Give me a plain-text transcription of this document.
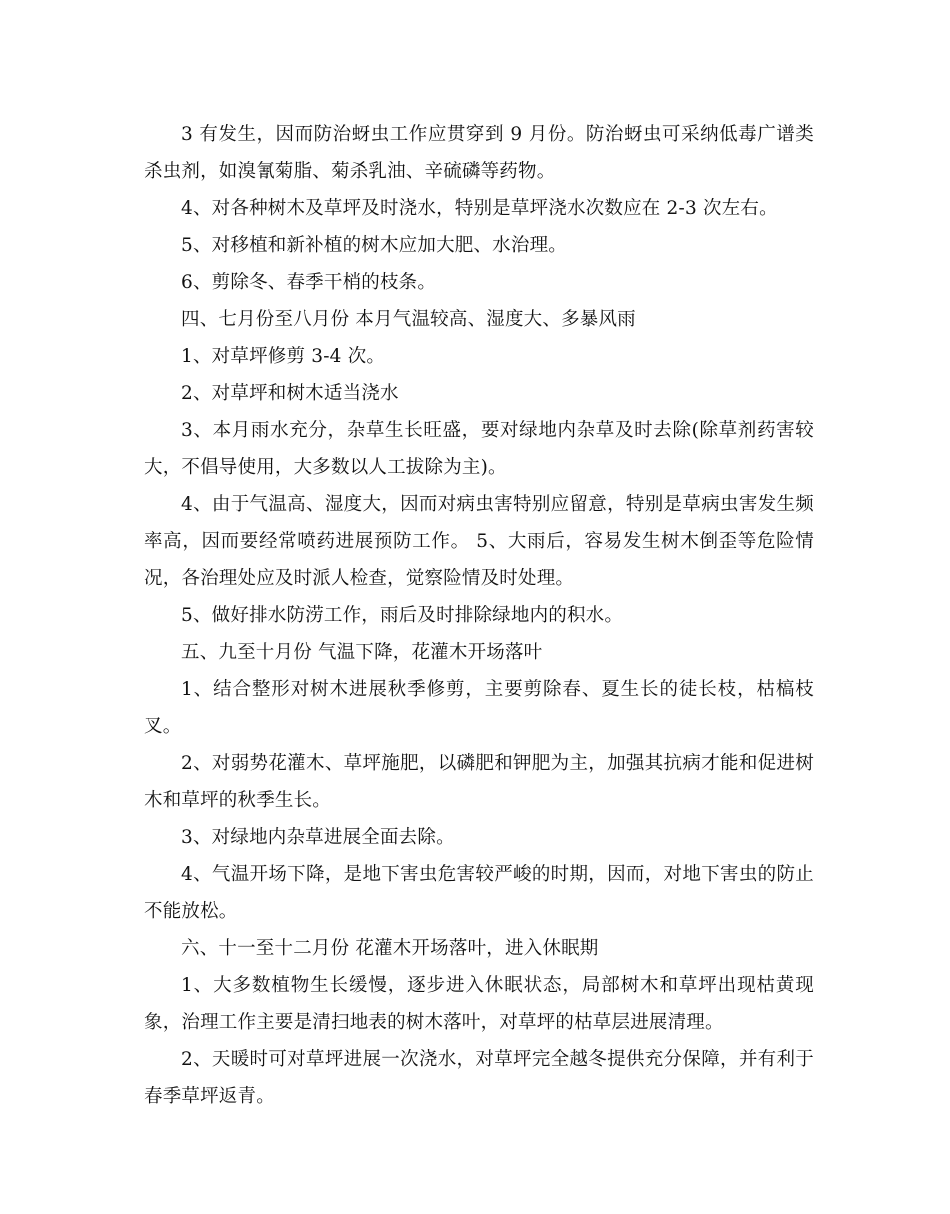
3 有发生，因而防治蚜虫工作应贯穿到 9 月份。防治蚜虫可采纳低毒广谱类杀虫剂，如溴氰菊脂、菊杀乳油、辛硫磷等药物。

4、对各种树木及草坪及时浇水，特别是草坪浇水次数应在 2-3 次左右。

5、对移植和新补植的树木应加大肥、水治理。

6、剪除冬、春季干梢的枝条。

四、七月份至八月份 本月气温较高、湿度大、多暴风雨

1、对草坪修剪 3-4 次。

2、对草坪和树木适当浇水

3、本月雨水充分，杂草生长旺盛，要对绿地内杂草及时去除(除草剂药害较大，不倡导使用，大多数以人工拔除为主)。

4、由于气温高、湿度大，因而对病虫害特别应留意，特别是草病虫害发生频率高，因而要经常喷药进展预防工作。 5、大雨后，容易发生树木倒歪等危险情况，各治理处应及时派人检查，觉察险情及时处理。

5、做好排水防涝工作，雨后及时排除绿地内的积水。

五、九至十月份 气温下降，花灌木开场落叶

1、结合整形对树木进展秋季修剪，主要剪除春、夏生长的徒长枝，枯槁枝叉。

2、对弱势花灌木、草坪施肥，以磷肥和钾肥为主，加强其抗病才能和促进树木和草坪的秋季生长。

3、对绿地内杂草进展全面去除。

4、气温开场下降，是地下害虫危害较严峻的时期，因而，对地下害虫的防止不能放松。

六、十一至十二月份 花灌木开场落叶，进入休眠期

1、大多数植物生长缓慢，逐步进入休眠状态，局部树木和草坪出现枯黄现象，治理工作主要是清扫地表的树木落叶，对草坪的枯草层进展清理。

2、天暖时可对草坪进展一次浇水，对草坪完全越冬提供充分保障，并有利于春季草坪返青。
